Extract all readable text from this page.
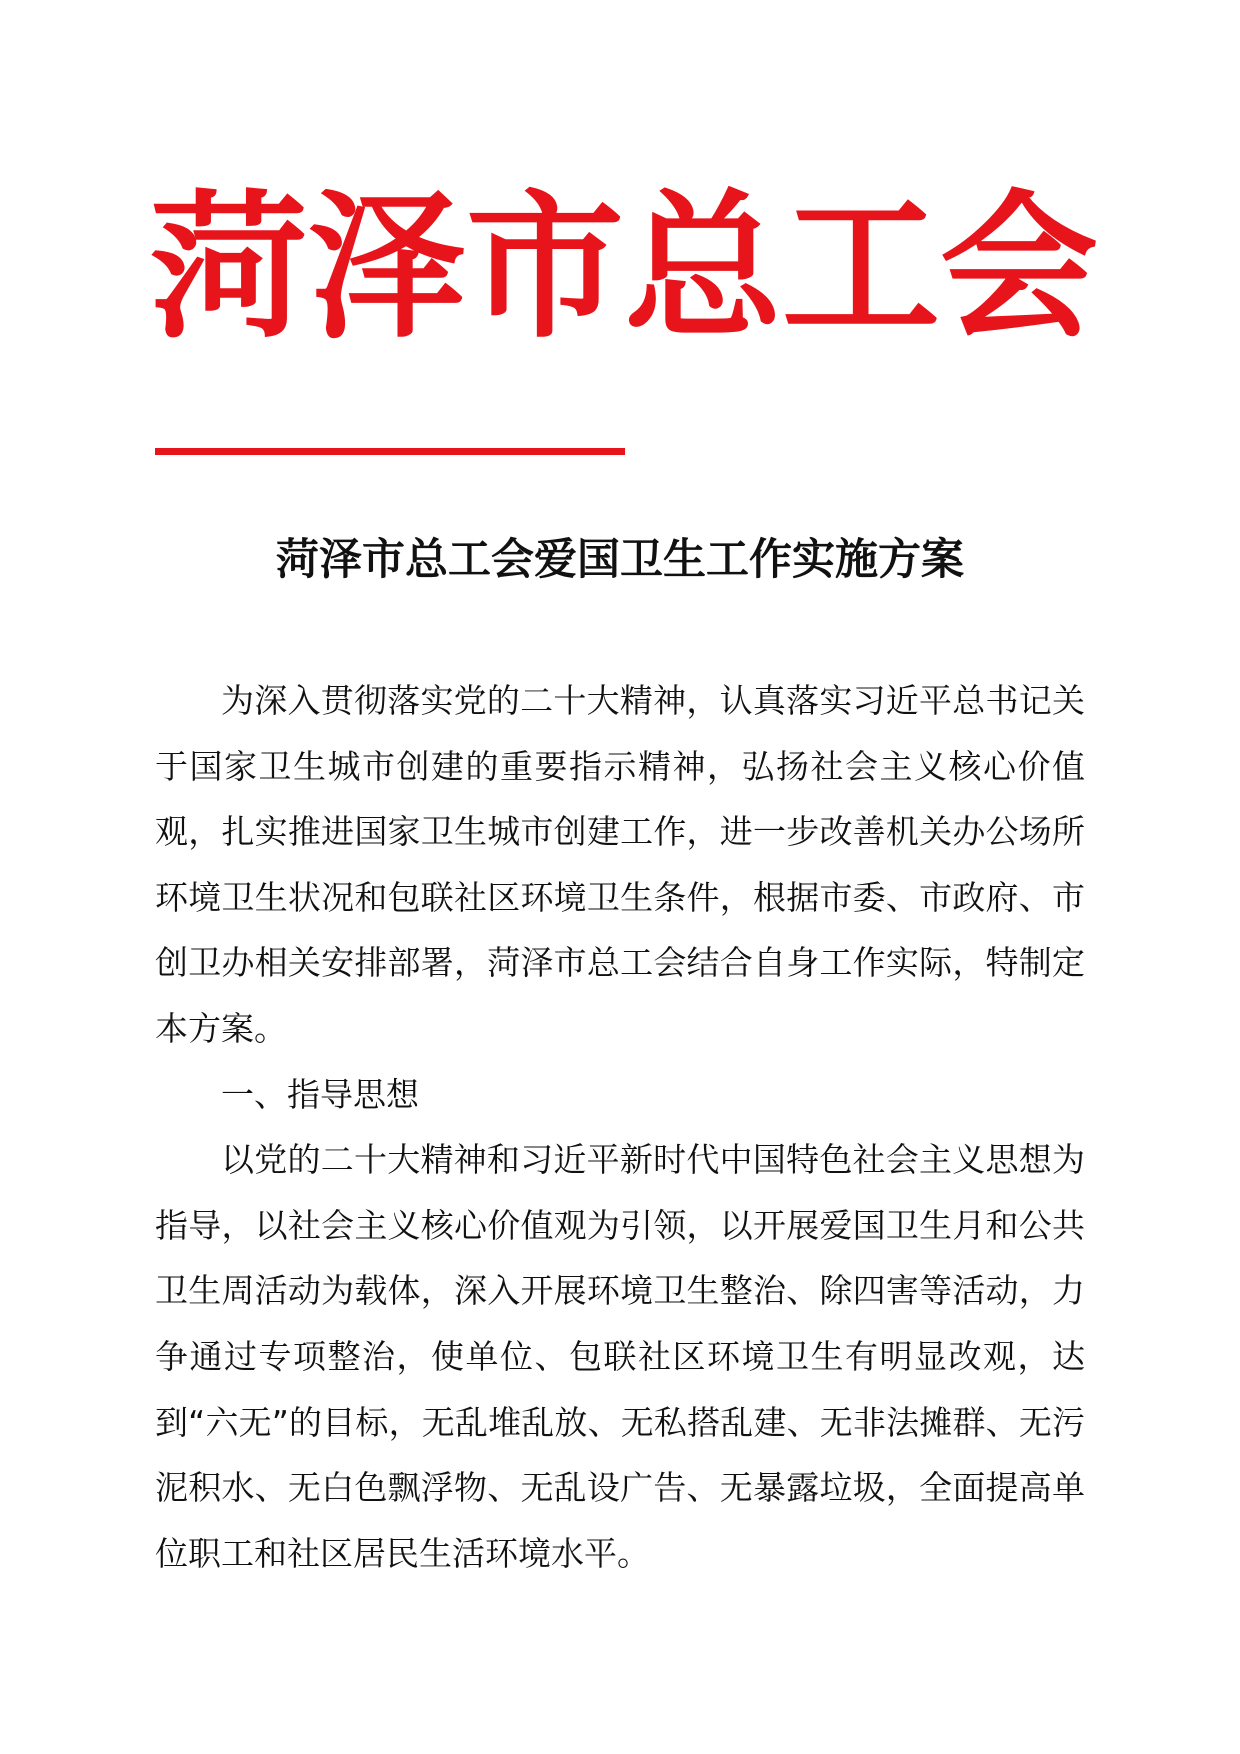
菏 泽 市 总 工 会
菏泽市总工会爱国卫生工作实施方案

为深入贯彻落实党的二十大精神，认真落实习近平总书记关于国家卫生城市创建的重要指示精神，弘扬社会主义核心价值观，扎实推进国家卫生城市创建工作，进一步改善机关办公场所环境卫生状况和包联社区环境卫生条件，根据市委、市政府、市创卫办相关安排部署，菏泽市总工会结合自身工作实际，特制定本方案。

一、指导思想

以党的二十大精神和习近平新时代中国特色社会主义思想为指导，以社会主义核心价值观为引领，以开展爱国卫生月和公共卫生周活动为载体，深入开展环境卫生整治、除四害等活动，力争通过专项整治，使单位、包联社区环境卫生有明显改观，达到“六无”的目标，无乱堆乱放、无私搭乱建、无非法摊群、无污泥积水、无白色飘浮物、无乱设广告、无暴露垃圾，全面提高单位职工和社区居民生活环境水平。
